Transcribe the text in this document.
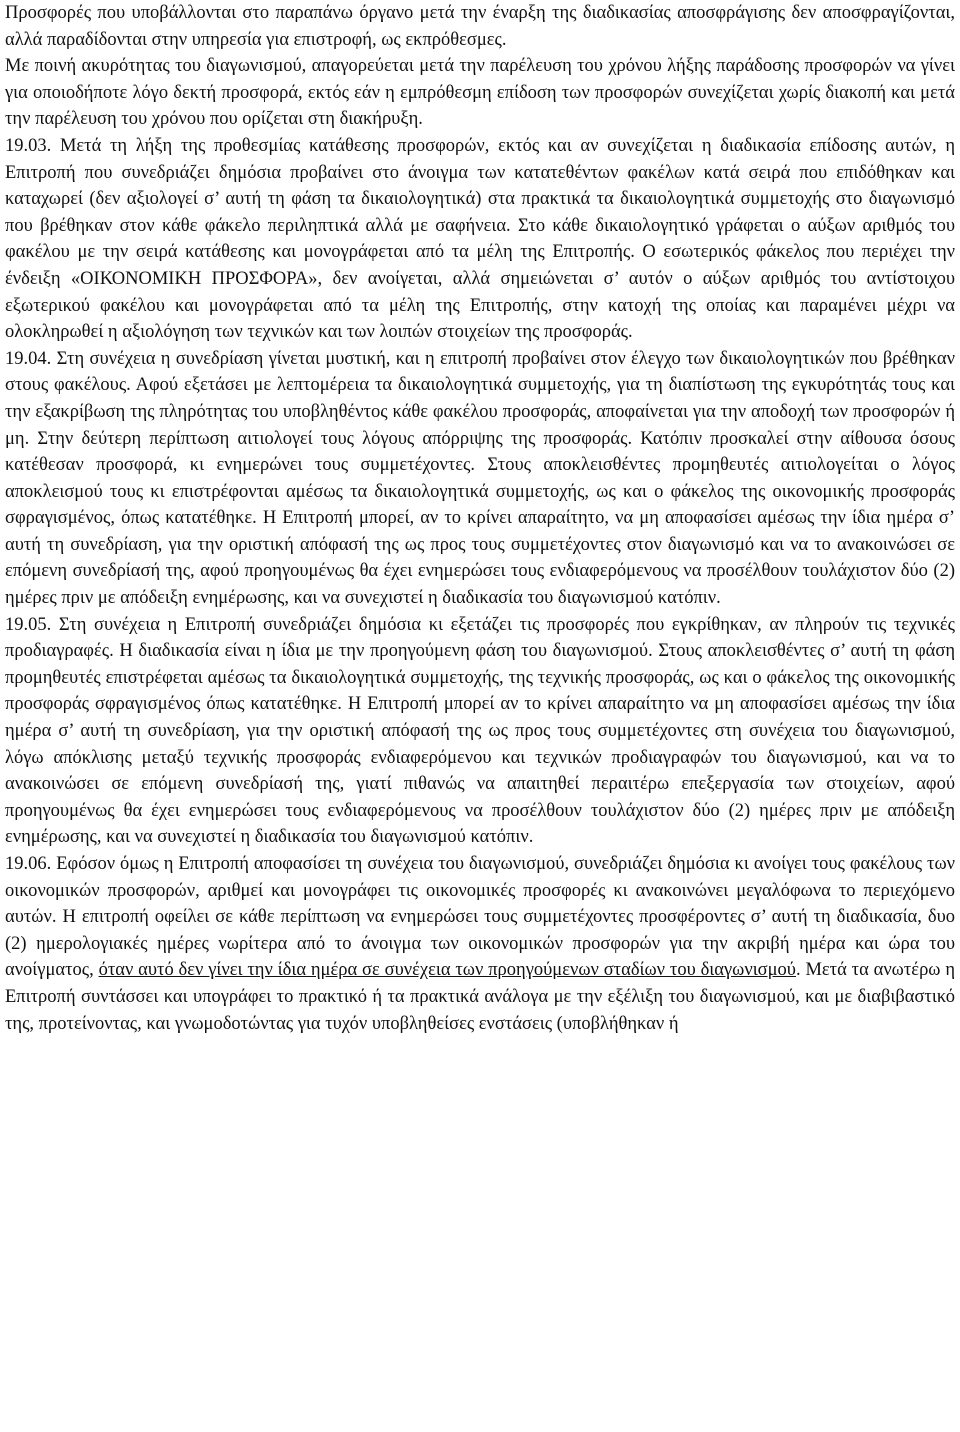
Προσφορές που υποβάλλονται στο παραπάνω όργανο μετά την έναρξη της διαδικασίας αποσφράγισης δεν αποσφραγίζονται, αλλά παραδίδονται στην υπηρεσία για επιστροφή, ως εκπρόθεσμες.

Με ποινή ακυρότητας του διαγωνισμού, απαγορεύεται μετά την παρέλευση του χρόνου λήξης παράδοσης προσφορών να γίνει για οποιοδήποτε λόγο δεκτή προσφορά, εκτός εάν η εμπρόθεσμη επίδοση των προσφορών συνεχίζεται χωρίς διακοπή και μετά την παρέλευση του χρόνου που ορίζεται στη διακήρυξη.

19.03. Μετά τη λήξη της προθεσμίας κατάθεσης προσφορών, εκτός και αν συνεχίζεται η διαδικασία επίδοσης αυτών, η Επιτροπή που συνεδριάζει δημόσια προβαίνει στο άνοιγμα των κατατεθέντων φακέλων κατά σειρά που επιδόθηκαν και καταχωρεί (δεν αξιολογεί σ’ αυτή τη φάση τα δικαιολογητικά) στα πρακτικά τα δικαιολογητικά συμμετοχής στο διαγωνισμό που βρέθηκαν στον κάθε φάκελο περιληπτικά αλλά με σαφήνεια. Στο κάθε δικαιολογητικό γράφεται ο αύξων αριθμός του φακέλου με την σειρά κατάθεσης και μονογράφεται από τα μέλη της Επιτροπής. Ο εσωτερικός φάκελος που περιέχει την ένδειξη «ΟΙΚΟΝΟΜΙΚΗ ΠΡΟΣΦΟΡΑ», δεν ανοίγεται, αλλά σημειώνεται σ’ αυτόν ο αύξων αριθμός του αντίστοιχου εξωτερικού φακέλου και μονογράφεται από τα μέλη της Επιτροπής, στην κατοχή της οποίας και παραμένει μέχρι να ολοκληρωθεί η αξιολόγηση των τεχνικών και των λοιπών στοιχείων της προσφοράς.

19.04. Στη συνέχεια η συνεδρίαση γίνεται μυστική, και η επιτροπή προβαίνει στον έλεγχο των δικαιολογητικών που βρέθηκαν στους φακέλους. Αφού εξετάσει με λεπτομέρεια τα δικαιολογητικά συμμετοχής, για τη διαπίστωση της εγκυρότητάς τους και την εξακρίβωση της πληρότητας του υποβληθέντος κάθε φακέλου προσφοράς, αποφαίνεται για την αποδοχή των προσφορών ή μη. Στην δεύτερη περίπτωση αιτιολογεί τους λόγους απόρριψης της προσφοράς. Κατόπιν προσκαλεί στην αίθουσα όσους κατέθεσαν προσφορά, κι ενημερώνει τους συμμετέχοντες. Στους αποκλεισθέντες προμηθευτές αιτιολογείται ο λόγος αποκλεισμού τους κι επιστρέφονται αμέσως τα δικαιολογητικά συμμετοχής, ως και ο φάκελος της οικονομικής προσφοράς σφραγισμένος, όπως κατατέθηκε. Η Επιτροπή μπορεί, αν το κρίνει απαραίτητο, να μη αποφασίσει αμέσως την ίδια ημέρα σ’ αυτή τη συνεδρίαση, για την οριστική απόφασή της ως προς τους συμμετέχοντες στον διαγωνισμό και να το ανακοινώσει σε επόμενη συνεδρίασή της, αφού προηγουμένως θα έχει ενημερώσει τους ενδιαφερόμενους να προσέλθουν τουλάχιστον δύο (2) ημέρες πριν με απόδειξη ενημέρωσης, και να συνεχιστεί η διαδικασία του διαγωνισμού κατόπιν.

19.05. Στη συνέχεια η Επιτροπή συνεδριάζει δημόσια κι εξετάζει τις προσφορές που εγκρίθηκαν, αν πληρούν τις τεχνικές προδιαγραφές. Η διαδικασία είναι η ίδια με την προηγούμενη φάση του διαγωνισμού. Στους αποκλεισθέντες σ’ αυτή τη φάση προμηθευτές επιστρέφεται αμέσως τα δικαιολογητικά συμμετοχής, της τεχνικής προσφοράς, ως και ο φάκελος της οικονομικής προσφοράς σφραγισμένος όπως κατατέθηκε. Η Επιτροπή μπορεί αν το κρίνει απαραίτητο να μη αποφασίσει αμέσως την ίδια ημέρα σ’ αυτή τη συνεδρίαση, για την οριστική απόφασή της ως προς τους συμμετέχοντες στη συνέχεια του διαγωνισμού, λόγω απόκλισης μεταξύ τεχνικής προσφοράς ενδιαφερόμενου και τεχνικών προδιαγραφών του διαγωνισμού, και να το ανακοινώσει σε επόμενη συνεδρίασή της, γιατί πιθανώς να απαιτηθεί περαιτέρω επεξεργασία των στοιχείων, αφού προηγουμένως θα έχει ενημερώσει τους ενδιαφερόμενους να προσέλθουν τουλάχιστον δύο (2) ημέρες πριν με απόδειξη ενημέρωσης, και να συνεχιστεί η διαδικασία του διαγωνισμού κατόπιν.

19.06. Εφόσον όμως η Επιτροπή αποφασίσει τη συνέχεια του διαγωνισμού, συνεδριάζει δημόσια κι ανοίγει τους φακέλους των οικονομικών προσφορών, αριθμεί και μονογράφει τις οικονομικές προσφορές κι ανακοινώνει μεγαλόφωνα το περιεχόμενο αυτών. Η επιτροπή οφείλει σε κάθε περίπτωση να ενημερώσει τους συμμετέχοντες προσφέροντες σ’ αυτή τη διαδικασία, δυο (2) ημερολογιακές ημέρες νωρίτερα από το άνοιγμα των οικονομικών προσφορών για την ακριβή ημέρα και ώρα του ανοίγματος, όταν αυτό δεν γίνει την ίδια ημέρα σε συνέχεια των προηγούμενων σταδίων του διαγωνισμού. Μετά τα ανωτέρω η Επιτροπή συντάσσει και υπογράφει το πρακτικό ή τα πρακτικά ανάλογα με την εξέλιξη του διαγωνισμού, και με διαβιβαστικό της, προτείνοντας, και γνωμοδοτώντας για τυχόν υποβληθείσες ενστάσεις (υποβλήθηκαν ή
